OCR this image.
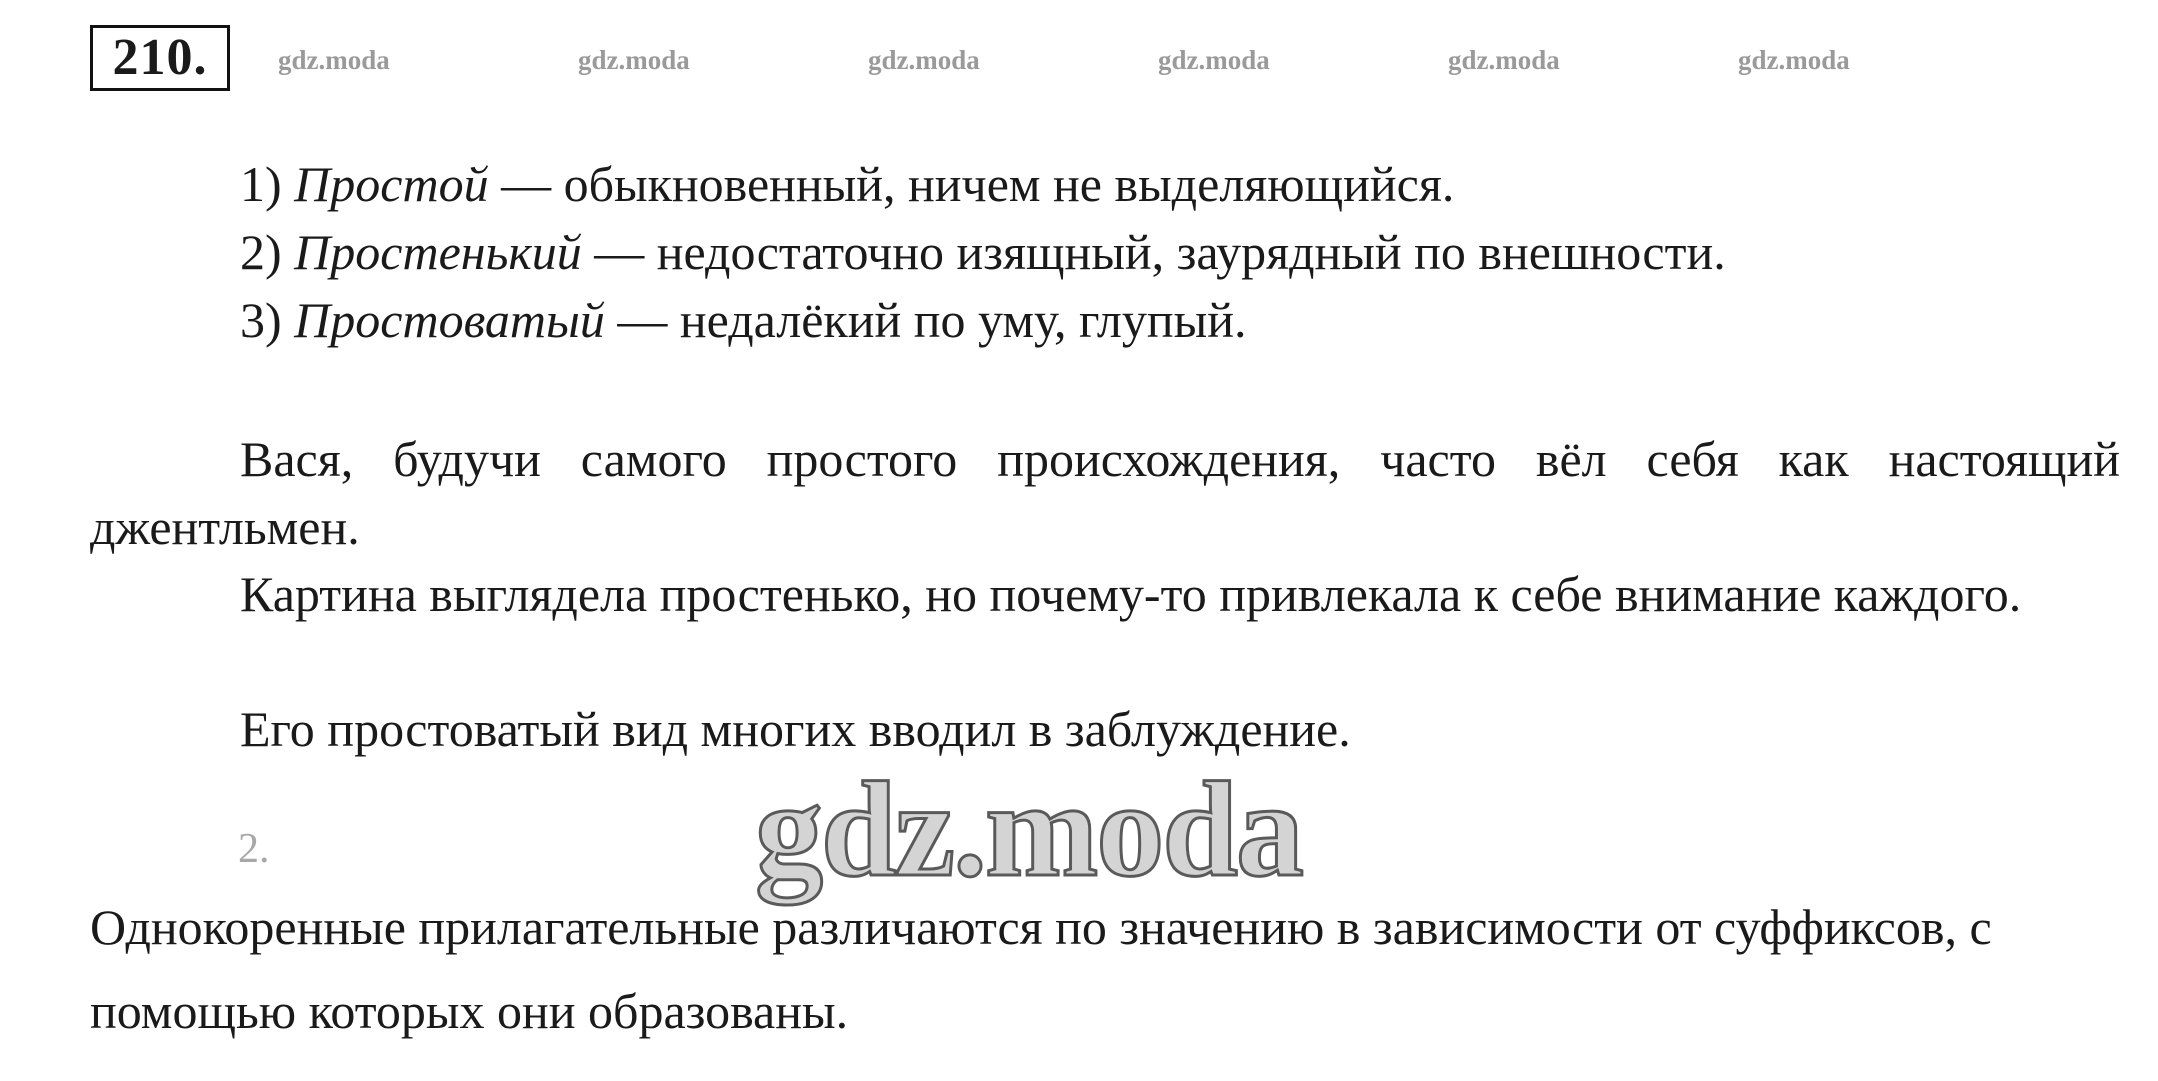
210.	gdz.moda	gdz.moda	gdz.moda	gdz.moda	gdz.moda	gdz.moda
1) Простой — обыкновенный, ничем не выделяющийся.
2) Простенький — недостаточно изящный, заурядный по внешности.
3) Простоватый — недалёкий по уму, глупый.
Вася, будучи самого простого происхождения, часто вёл себя как настоящий джентльмен.
Картина выглядела простенько, но почему-то привлекала к себе внимание каждого.
Его простоватый вид многих вводил в заблуждение.
2.	gdz.moda
Однокоренные прилагательные различаются по значению в зависимости от суффиксов, с помощью которых они образованы.
